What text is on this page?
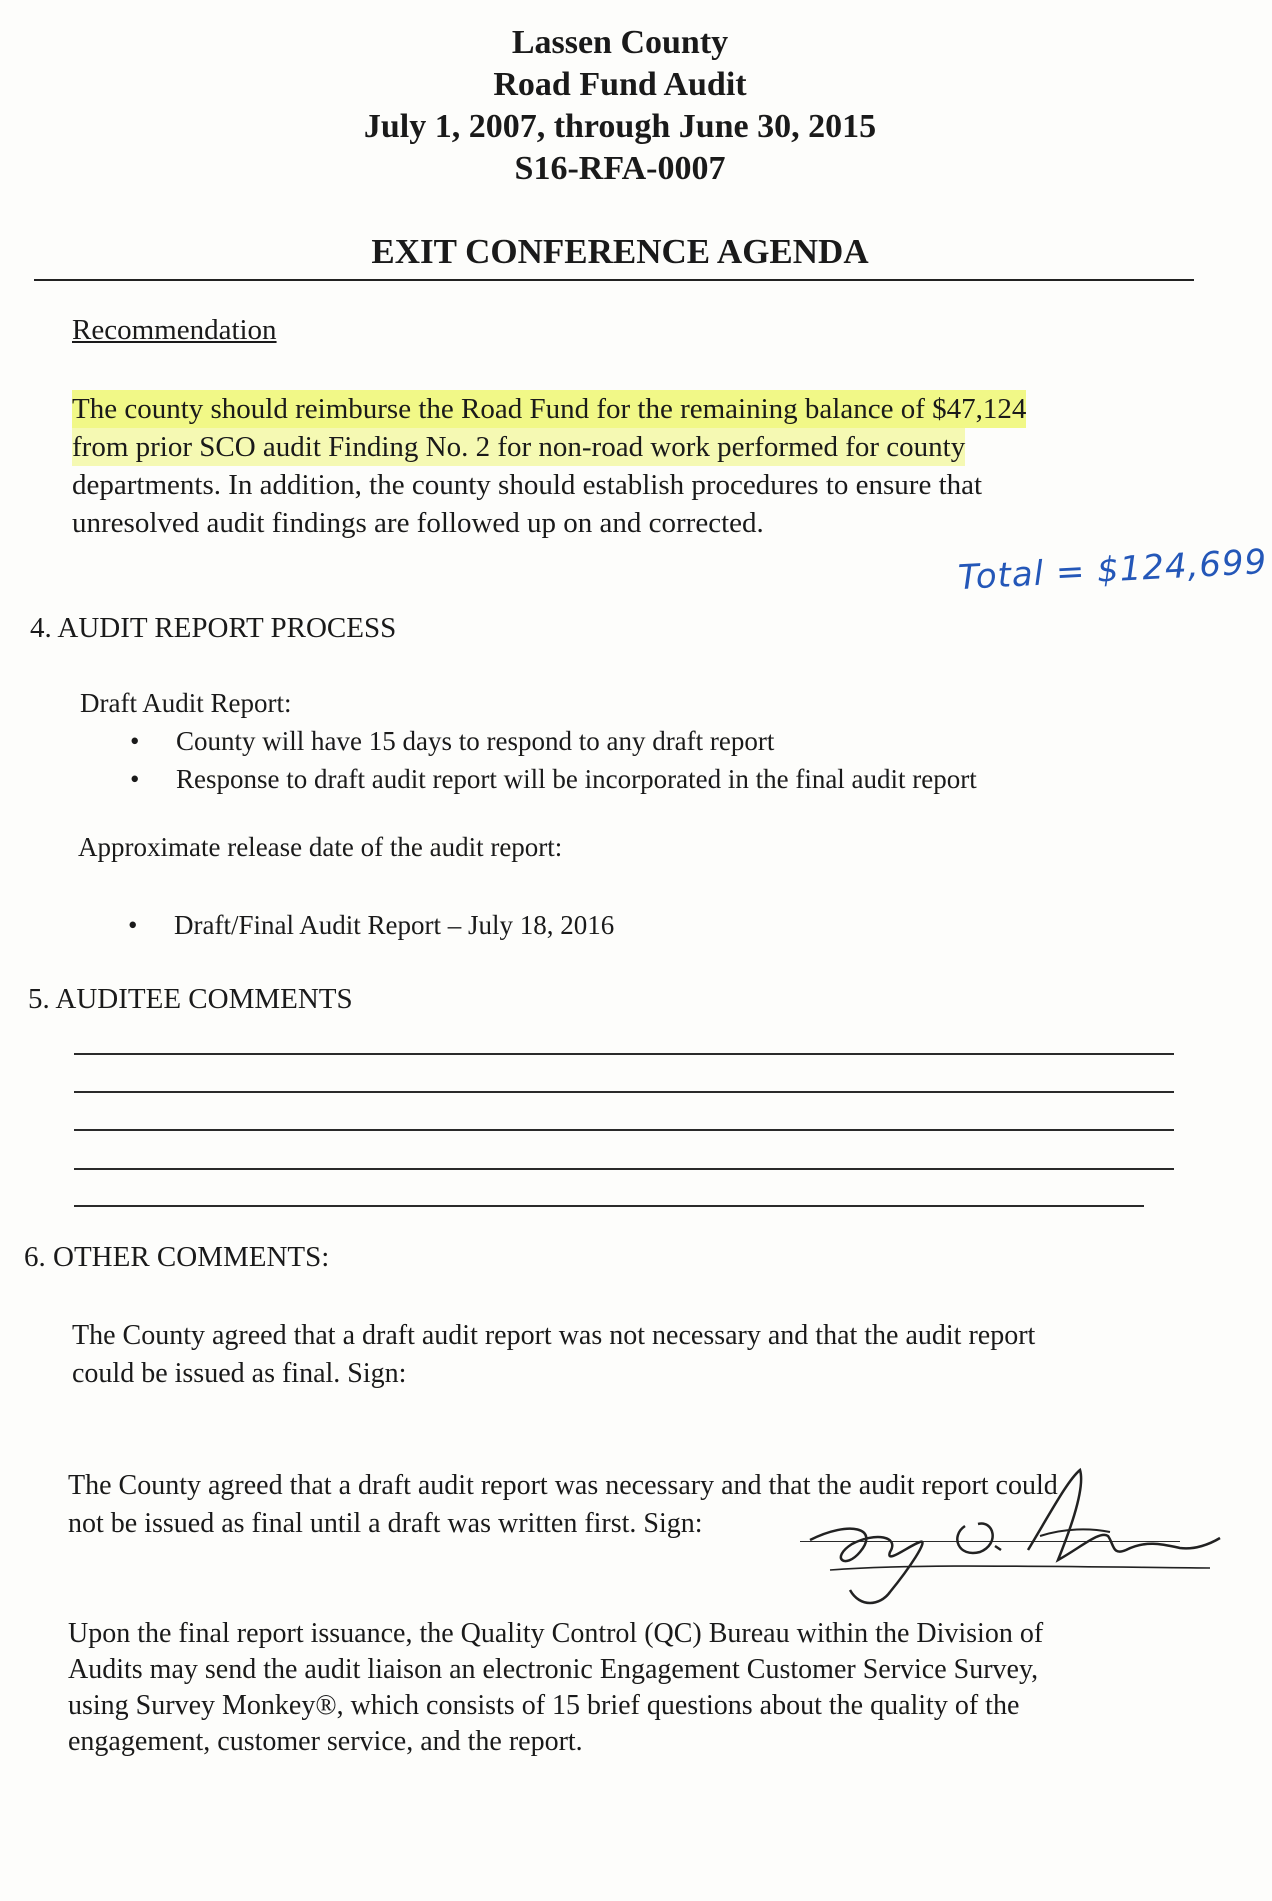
Lassen County
Road Fund Audit
July 1, 2007, through June 30, 2015
S16-RFA-0007
EXIT CONFERENCE AGENDA
Recommendation
The county should reimburse the Road Fund for the remaining balance of $47,124
from prior SCO audit Finding No. 2 for non-road work performed for county
departments. In addition, the county should establish procedures to ensure that
unresolved audit findings are followed up on and corrected.
Total = $124,699
4. AUDIT REPORT PROCESS
Draft Audit Report:
• County will have 15 days to respond to any draft report
• Response to draft audit report will be incorporated in the final audit report
Approximate release date of the audit report:
• Draft/Final Audit Report – July 18, 2016
5. AUDITEE COMMENTS
6. OTHER COMMENTS:
The County agreed that a draft audit report was not necessary and that the audit report
could be issued as final. Sign:
The County agreed that a draft audit report was necessary and that the audit report could
not be issued as final until a draft was written first. Sign:
Upon the final report issuance, the Quality Control (QC) Bureau within the Division of
Audits may send the audit liaison an electronic Engagement Customer Service Survey,
using Survey Monkey®, which consists of 15 brief questions about the quality of the
engagement, customer service, and the report.
